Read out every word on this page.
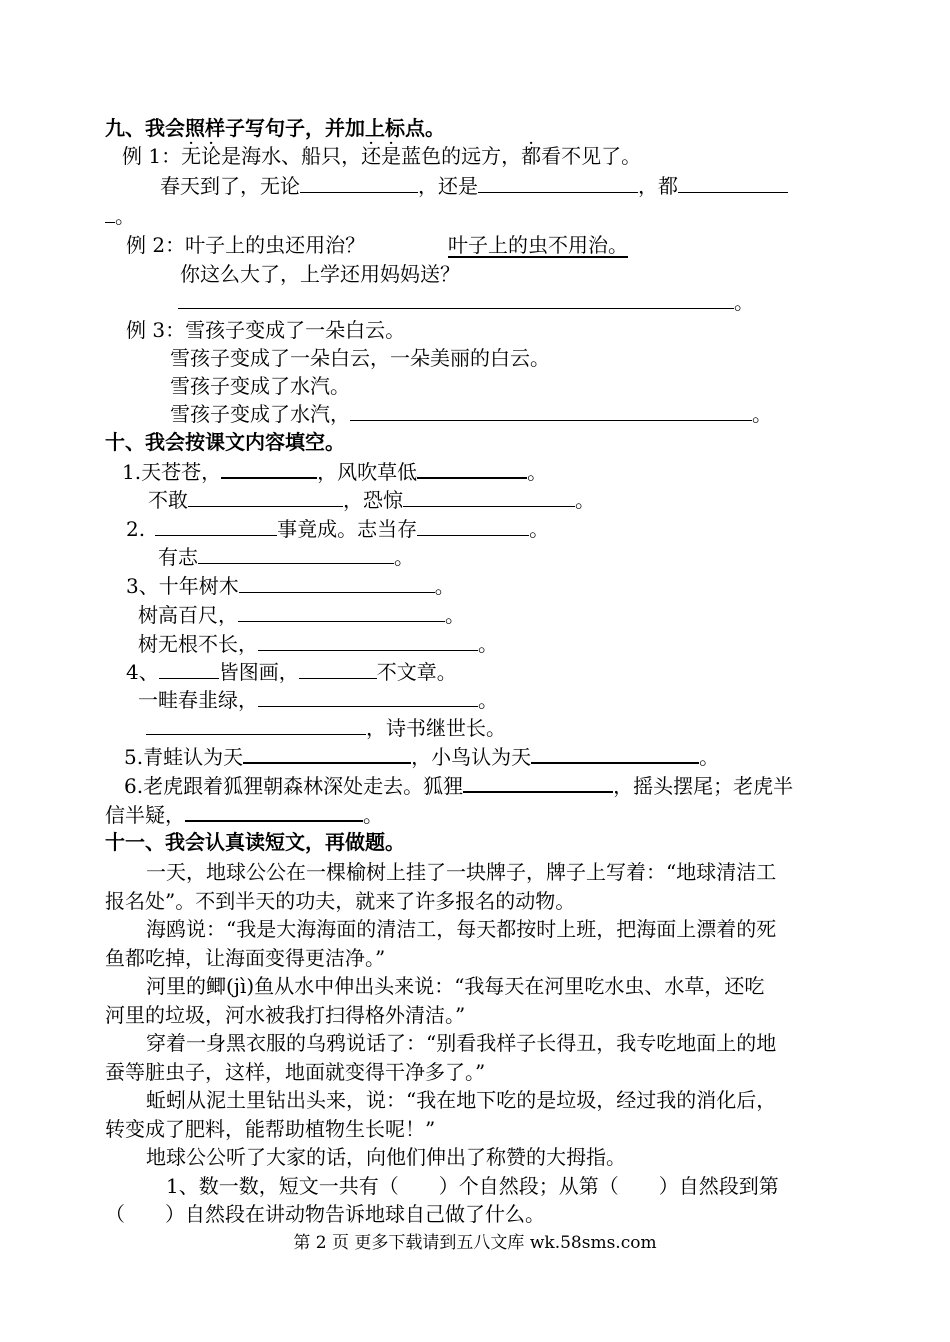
九、我会照样子写句子，并加上标点。
例 1：无论是海水、船只，还是蓝色的远方，都看不见了。
春天到了，无论	，还是	，都
。
例 2：叶子上的虫还用治？	叶子上的虫不用治。
你这么大了，上学还用妈妈送？
。
例 3：雪孩子变成了一朵白云。
雪孩子变成了一朵白云，一朵美丽的白云。
雪孩子变成了水汽。
雪孩子变成了水汽，	。
十、我会按课文内容填空。
1.天苍苍，	，风吹草低	。
不敢	，恐惊	。
2.	事竟成。志当存	。
有志	。
3、十年树木	。
树高百尺，	。
树无根不长，	。
4、	皆图画，	不文章。
一畦春韭绿，	。
，诗书继世长。
5.青蛙认为天	，小鸟认为天	。
6.老虎跟着狐狸朝森林深处走去。狐狸	，摇头摆尾；老虎半
信半疑，	。
十一、我会认真读短文，再做题。
一天，地球公公在一棵榆树上挂了一块牌子，牌子上写着：“地球清洁工
报名处”。不到半天的功夫，就来了许多报名的动物。
海鸥说：“我是大海海面的清洁工，每天都按时上班，把海面上漂着的死
鱼都吃掉，让海面变得更洁净。”
河里的鲫(jì)鱼从水中伸出头来说：“我每天在河里吃水虫、水草，还吃
河里的垃圾，河水被我打扫得格外清洁。”
穿着一身黑衣服的乌鸦说话了：“别看我样子长得丑，我专吃地面上的地
蚕等脏虫子，这样，地面就变得干净多了。”
蚯蚓从泥土里钻出头来，说：“我在地下吃的是垃圾，经过我的消化后，
转变成了肥料，能帮助植物生长呢！”
地球公公听了大家的话，向他们伸出了称赞的大拇指。
1、数一数，短文一共有（ ）个自然段；从第（ ）自然段到第
（ ）自然段在讲动物告诉地球自己做了什么。
第 2 页 更多下载请到五八文库 wk.58sms.com
